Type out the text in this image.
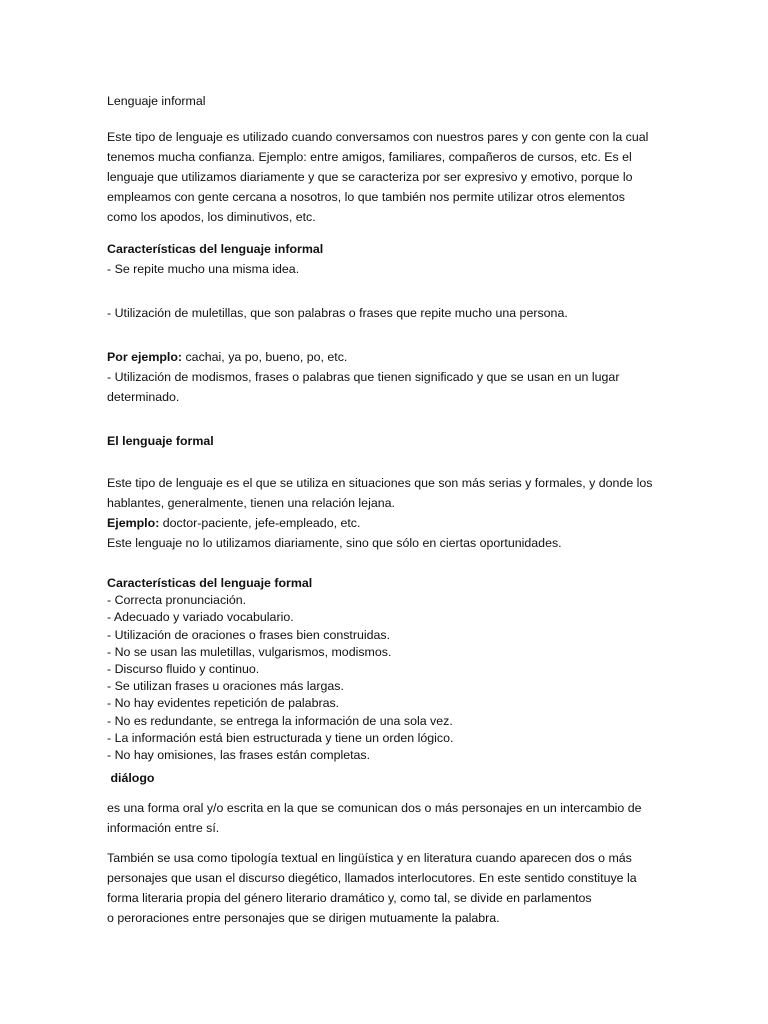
Lenguaje informal
Este tipo de lenguaje es utilizado cuando conversamos con nuestros pares y con gente con la cual
tenemos mucha confianza. Ejemplo: entre amigos, familiares, compañeros de cursos, etc. Es el
lenguaje que utilizamos diariamente y que se caracteriza por ser expresivo y emotivo, porque lo
empleamos con gente cercana a nosotros, lo que también nos permite utilizar otros elementos
como los apodos, los diminutivos, etc.
Características del lenguaje informal
- Se repite mucho una misma idea.
- Utilización de muletillas, que son palabras o frases que repite mucho una persona.
Por ejemplo: cachai, ya po, bueno, po, etc.
- Utilización de modismos, frases o palabras que tienen significado y que se usan en un lugar
determinado.
El lenguaje formal
Este tipo de lenguaje es el que se utiliza en situaciones que son más serias y formales, y donde los
hablantes, generalmente, tienen una relación lejana.
Ejemplo: doctor-paciente, jefe-empleado, etc.
Este lenguaje no lo utilizamos diariamente, sino que sólo en ciertas oportunidades.
Características del lenguaje formal
- Correcta pronunciación.
- Adecuado y variado vocabulario.
- Utilización de oraciones o frases bien construidas.
- No se usan las muletillas, vulgarismos, modismos.
- Discurso fluido y continuo.
- Se utilizan frases u oraciones más largas.
- No hay evidentes repetición de palabras.
- No es redundante, se entrega la información de una sola vez.
- La información está bien estructurada y tiene un orden lógico.
- No hay omisiones, las frases están completas.
diálogo
es una forma oral y/o escrita en la que se comunican dos o más personajes en un intercambio de
información entre sí.
También se usa como tipología textual en lingüística y en literatura cuando aparecen dos o más
personajes que usan el discurso diegético, llamados interlocutores. En este sentido constituye la
forma literaria propia del género literario dramático y, como tal, se divide en parlamentos
o peroraciones entre personajes que se dirigen mutuamente la palabra.
